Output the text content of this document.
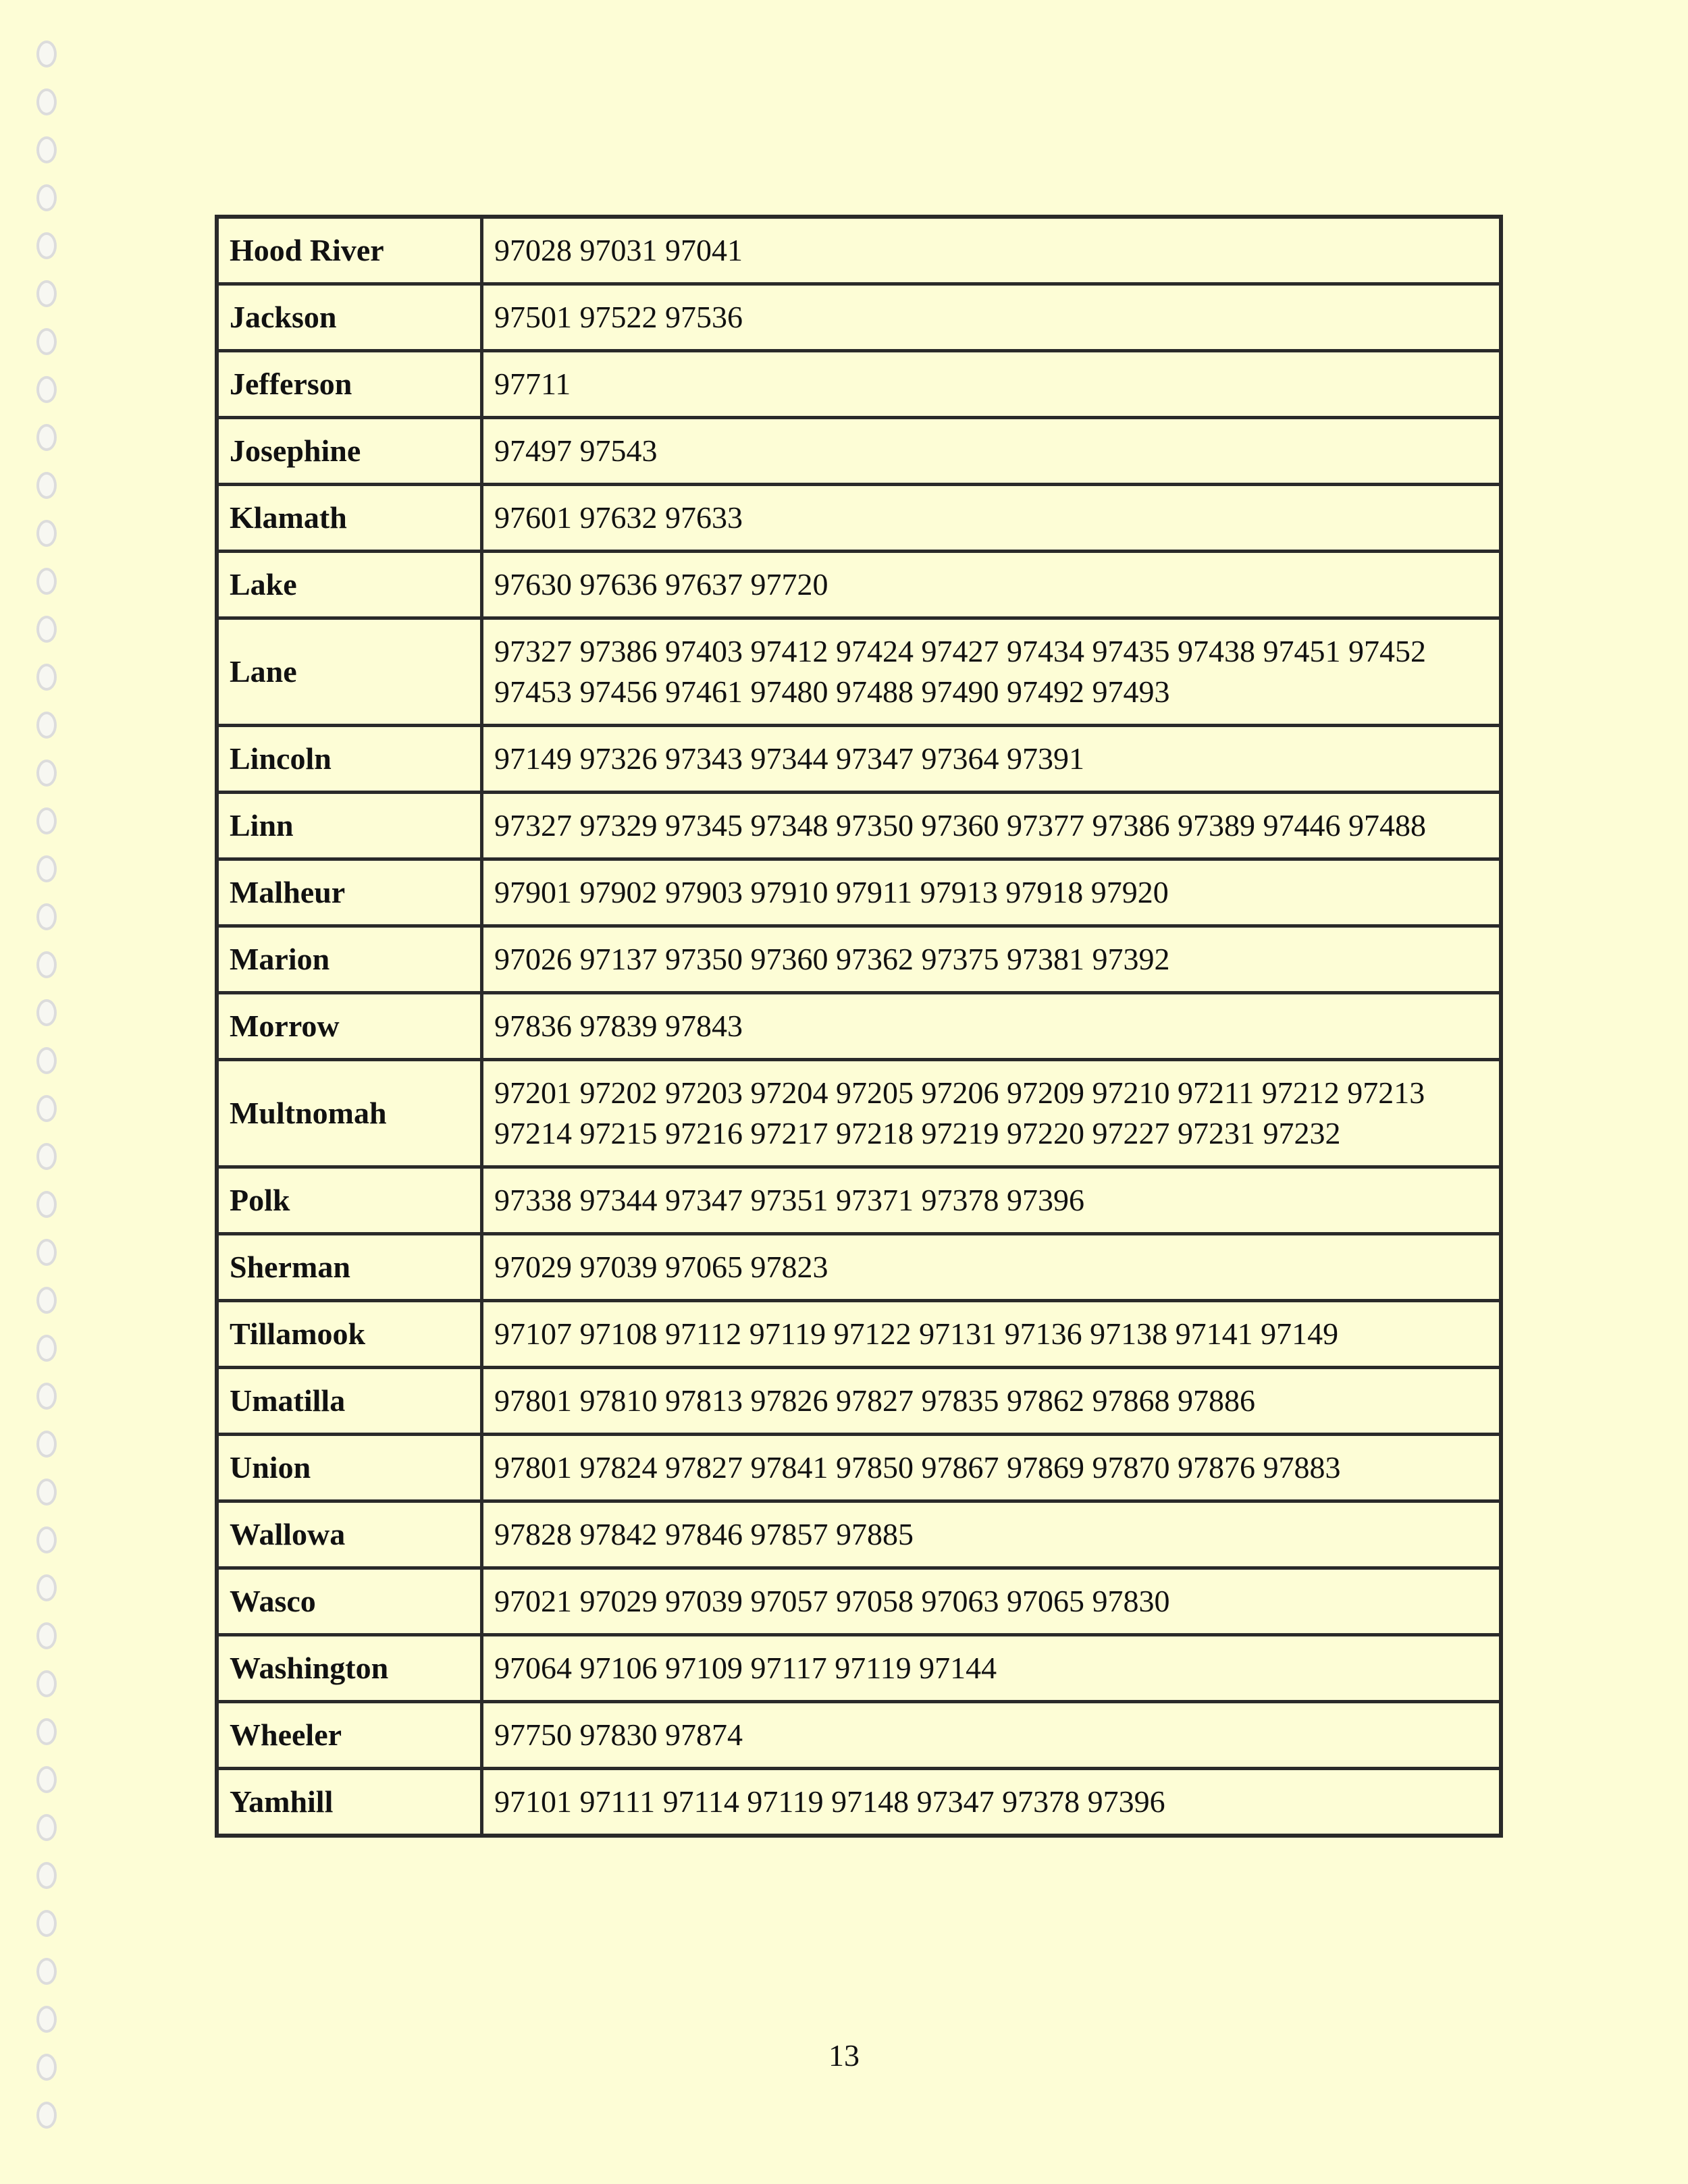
Hood River	97028 97031 97041
Jackson	97501 97522 97536
Jefferson	97711
Josephine	97497 97543
Klamath	97601 97632 97633
Lake	97630 97636 97637 97720
Lane	97327 97386 97403 97412 97424 97427 97434 97435 97438 97451 97452 97453 97456 97461 97480 97488 97490 97492 97493
Lincoln	97149 97326 97343 97344 97347 97364 97391
Linn	97327 97329 97345 97348 97350 97360 97377 97386 97389 97446 97488
Malheur	97901 97902 97903 97910 97911 97913 97918 97920
Marion	97026 97137 97350 97360 97362 97375 97381 97392
Morrow	97836 97839 97843
Multnomah	97201 97202 97203 97204 97205 97206 97209 97210 97211 97212 97213 97214 97215 97216 97217 97218 97219 97220 97227 97231 97232
Polk	97338 97344 97347 97351 97371 97378 97396
Sherman	97029 97039 97065 97823
Tillamook	97107 97108 97112 97119 97122 97131 97136 97138 97141 97149
Umatilla	97801 97810 97813 97826 97827 97835 97862 97868 97886
Union	97801 97824 97827 97841 97850 97867 97869 97870 97876 97883
Wallowa	97828 97842 97846 97857 97885
Wasco	97021 97029 97039 97057 97058 97063 97065 97830
Washington	97064 97106 97109 97117 97119 97144
Wheeler	97750 97830 97874
Yamhill	97101 97111 97114 97119 97148 97347 97378 97396
13
